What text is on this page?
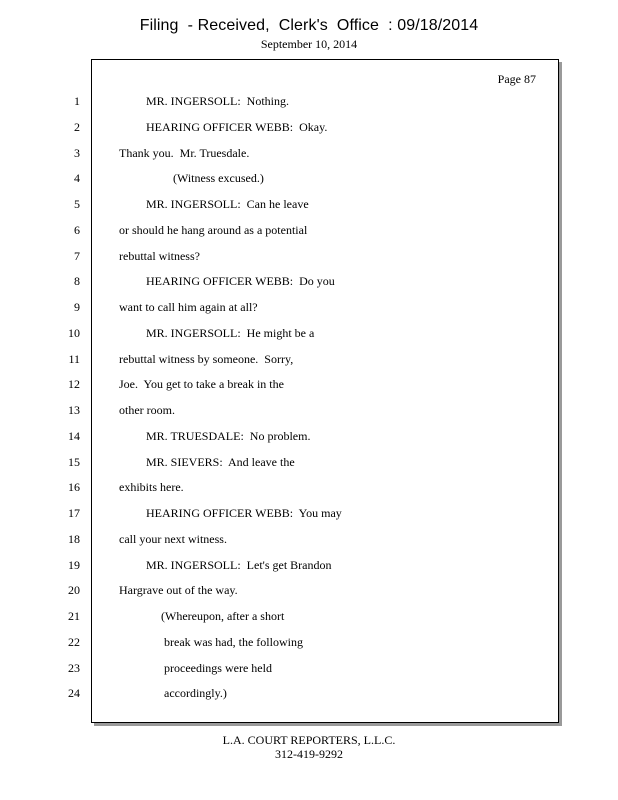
Filing  - Received,  Clerk's  Office  : 09/18/2014
September 10, 2014
Page 87
1	MR. INGERSOLL:  Nothing.
2	HEARING OFFICER WEBB:  Okay.
3	Thank you.  Mr. Truesdale.
4	(Witness excused.)
5	MR. INGERSOLL:  Can he leave
6	or should he hang around as a potential
7	rebuttal witness?
8	HEARING OFFICER WEBB:  Do you
9	want to call him again at all?
10	MR. INGERSOLL:  He might be a
11	rebuttal witness by someone.  Sorry,
12	Joe.  You get to take a break in the
13	other room.
14	MR. TRUESDALE:  No problem.
15	MR. SIEVERS:  And leave the
16	exhibits here.
17	HEARING OFFICER WEBB:  You may
18	call your next witness.
19	MR. INGERSOLL:  Let's get Brandon
20	Hargrave out of the way.
21	(Whereupon, after a short
22	break was had, the following
23	proceedings were held
24	accordingly.)
L.A. COURT REPORTERS, L.L.C.
312-419-9292
